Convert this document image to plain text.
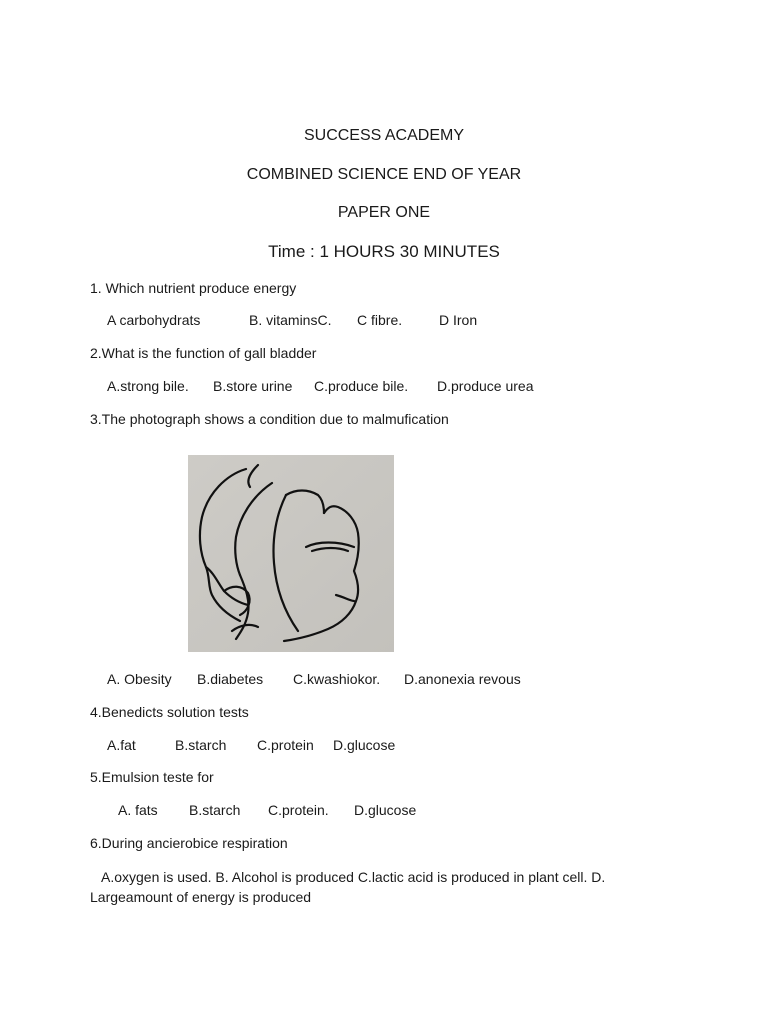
SUCCESS ACADEMY
COMBINED SCIENCE END OF YEAR
PAPER ONE
Time : 1 HOURS 30 MINUTES
1. Which nutrient produce energy
A carbohydrats	B. vitaminsC. C fibre.	D Iron
2.What is the function of gall bladder
A.strong bile. B.store urine C.produce bile. D.produce urea
3.The photograph shows a condition due to malmufication
A. Obesity B.diabetes C.kwashiokor. D.anonexia revous
4.Benedicts solution tests
A.fat	B.starch C.protein D.glucose
5.Emulsion teste for
A. fats B.starch C.protein. D.glucose
6.During ancierobice respiration
A.oxygen is used. B. Alcohol is produced C.lactic acid is produced in plant cell. D. Largeamount of energy is produced
